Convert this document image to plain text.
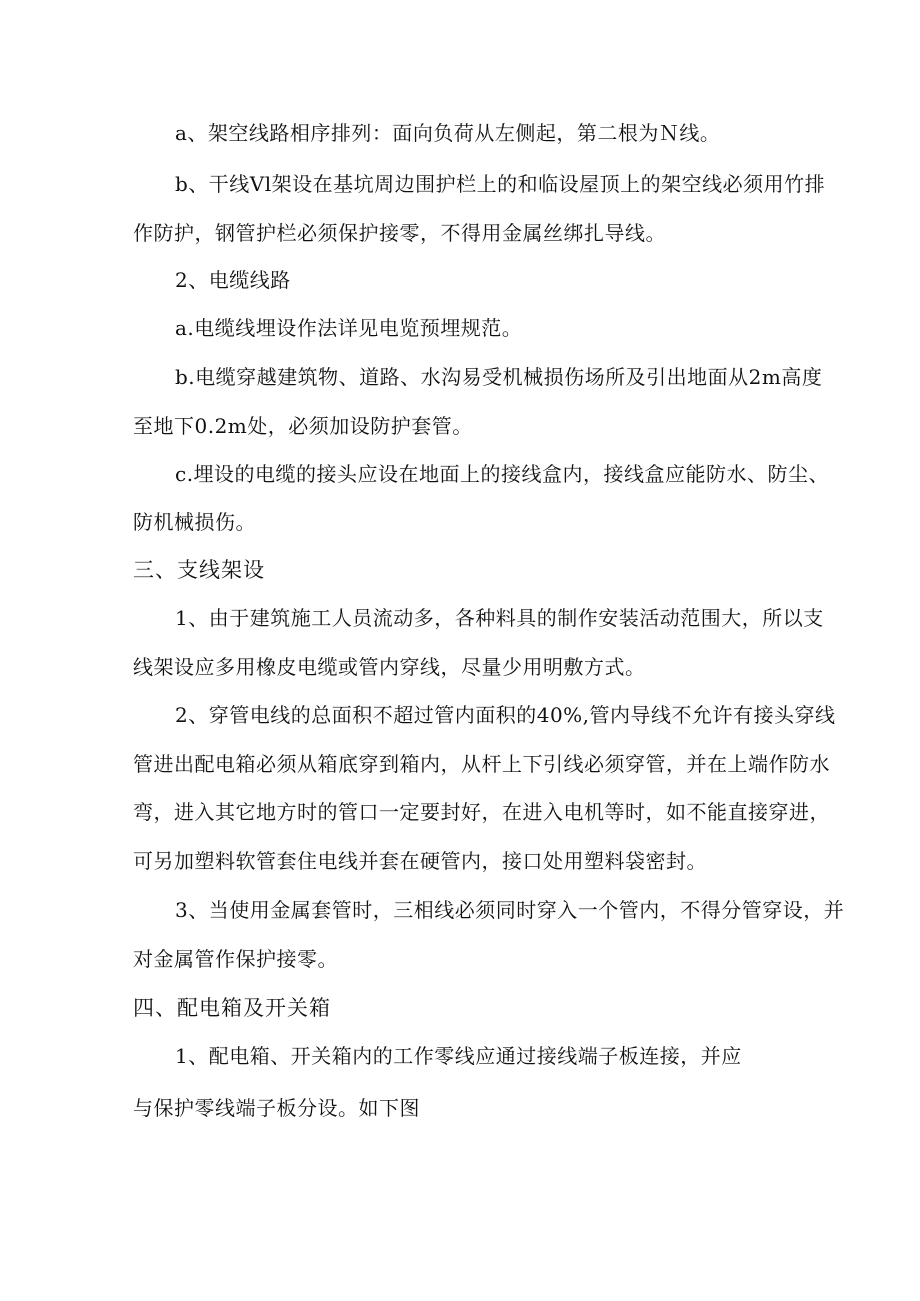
a、架空线路相序排列：面向负荷从左侧起，第二根为Ｎ线。
b、干线Vl架设在基坑周边围护栏上的和临设屋顶上的架空线必须用竹排
作防护，钢管护栏必须保护接零，不得用金属丝绑扎导线。
2、电缆线路
a.电缆线埋设作法详见电览预埋规范。
b.电缆穿越建筑物、道路、水沟易受机械损伤场所及引出地面从2m高度
至地下0.2m处，必须加设防护套管。
c.埋设的电缆的接头应设在地面上的接线盒内，接线盒应能防水、防尘、
防机械损伤。
三、支线架设
1、由于建筑施工人员流动多，各种料具的制作安装活动范围大，所以支
线架设应多用橡皮电缆或管内穿线，尽量少用明敷方式。
2、穿管电线的总面积不超过管内面积的40%,管内导线不允许有接头穿线
管进出配电箱必须从箱底穿到箱内，从杆上下引线必须穿管，并在上端作防水
弯，进入其它地方时的管口一定要封好，在进入电机等时，如不能直接穿进，
可另加塑料软管套住电线并套在硬管内，接口处用塑料袋密封。
3、当使用金属套管时，三相线必须同时穿入一个管内，不得分管穿设，并
对金属管作保护接零。
四、配电箱及开关箱
1、配电箱、开关箱内的工作零线应通过接线端子板连接，并应
与保护零线端子板分设。如下图
